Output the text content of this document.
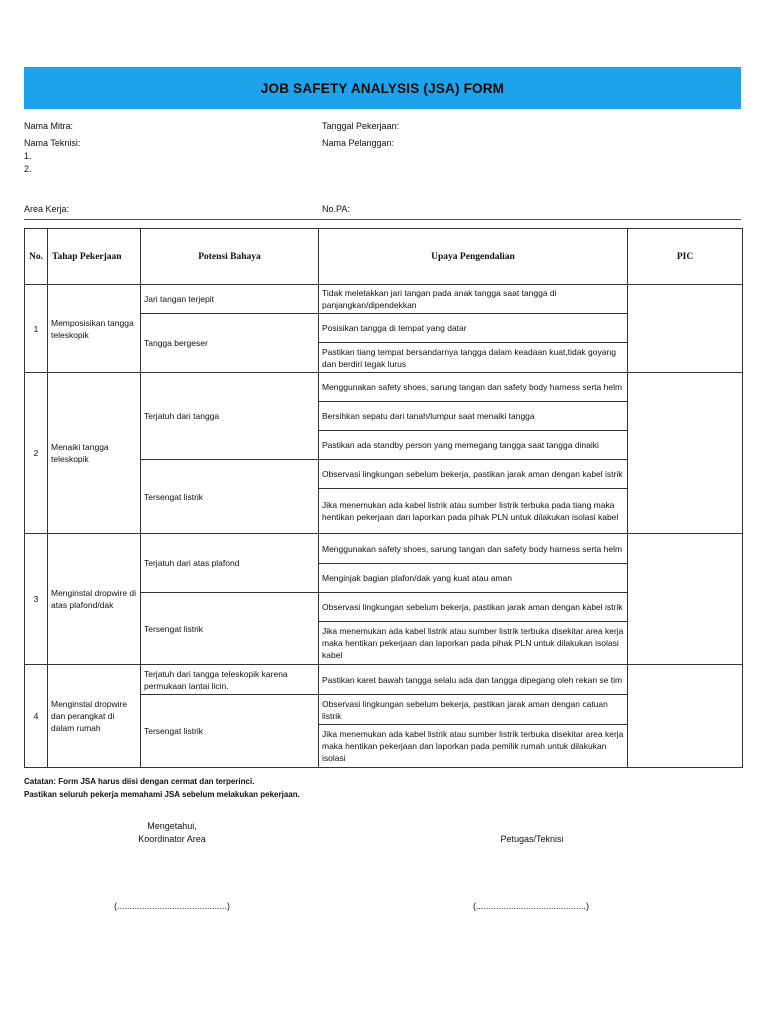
JOB SAFETY ANALYSIS (JSA) FORM
Nama Mitra:	Tanggal Pekerjaan:
Nama Teknisi:	Nama Pelanggan:
1.
2.
Area Kerja:	No.PA:
No.	Tahap Pekerjaan	Potensi Bahaya	Upaya Pengendalian	PIC
1	Memposisikan tangga teleskopik	Jari tangan terjepit	Tidak meletakkan jari tangan pada anak tangga saat tangga di panjangkan/dipendekkan	
		Tangga bergeser	Posisikan tangga di tempat yang datar	
			Pastikan tiang tempat bersandarnya tangga dalam keadaan kuat,tidak goyang dan berdiri tegak lurus	
2	Menaiki tangga teleskopik	Terjatuh dari tangga	Menggunakan safety shoes, sarung tangan dan safety body harness serta helm	
			Bersihkan sepatu dari tanah/lumpur saat menaiki tangga	
			Pastikan ada standby person yang memegang tangga saat tangga dinaiki	
		Tersengat listrik	Observasi lingkungan sebelum bekerja, pastikan jarak aman dengan kabel istrik	
			Jika menemukan ada kabel listrik atau sumber listrik terbuka pada tiang maka hentikan pekerjaan dan laporkan pada pihak PLN untuk dilakukan isolasi kabel	
3	Menginstal dropwire di atas plafond/dak	Terjatuh dari atas plafond	Menggunakan safety shoes, sarung tangan dan safety body harness serta helm	
			Menginjak bagian plafon/dak yang kuat atau aman	
		Tersengat listrik	Observasi lingkungan sebelum bekerja, pastikan jarak aman dengan kabel istrik	
			Jika menemukan ada kabel listrik atau sumber listrik terbuka disekitar area kerja maka hentikan pekerjaan dan laporkan pada pihak PLN untuk dilakukan isolasi kabel	
4	Menginstal dropwire dan perangkat di dalam rumah	Terjatuh dari tangga teleskopik karena permukaan lantai licin.	Pastikan karet bawah tangga selalu ada dan tangga dipegang oleh rekan se tim	
		Tersengat listrik	Observasi lingkungan sebelum bekerja, pastikan jarak aman dengan catuan listrik	
			Jika menemukan ada kabel listrik atau sumber listrik terbuka disekitar area kerja maka hentikan pekerjaan dan laporkan pada pemilik rumah untuk dilakukan isolasi	
Catatan: Form JSA harus diisi dengan cermat dan terperinci.
Pastikan seluruh pekerja memahami JSA sebelum melakukan pekerjaan.
Mengetahui,
Koordinator Area	Petugas/Teknisi
(............................................)	(............................................)
